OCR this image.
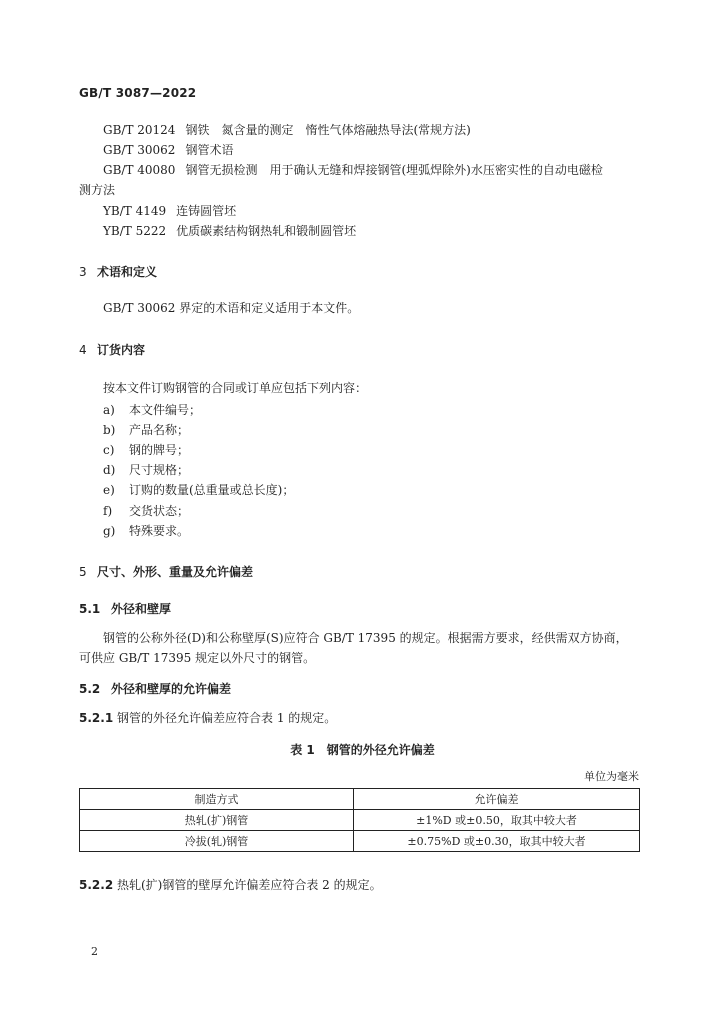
GB/T 3087—2022
GB/T 20124 钢铁　氮含量的测定　惰性气体熔融热导法(常规方法)
GB/T 30062 钢管术语
GB/T 40080 钢管无损检测　用于确认无缝和焊接钢管(埋弧焊除外)水压密实性的自动电磁检
测方法
YB/T 4149 连铸圆管坯
YB/T 5222 优质碳素结构钢热轧和锻制圆管坯
3 术语和定义
GB/T 30062 界定的术语和定义适用于本文件。
4 订货内容
按本文件订购钢管的合同或订单应包括下列内容：
a) 本文件编号；
b) 产品名称；
c) 钢的牌号；
d) 尺寸规格；
e) 订购的数量(总重量或总长度)；
f) 交货状态；
g) 特殊要求。
5 尺寸、外形、重量及允许偏差
5.1 外径和壁厚
钢管的公称外径(D)和公称壁厚(S)应符合 GB/T 17395 的规定。根据需方要求，经供需双方协商，可供应 GB/T 17395 规定以外尺寸的钢管。
5.2 外径和壁厚的允许偏差
5.2.1 钢管的外径允许偏差应符合表 1 的规定。
表 1　钢管的外径允许偏差
单位为毫米
制造方式	允许偏差
热轧(扩)钢管	±1%D 或±0.50，取其中较大者
冷拔(轧)钢管	±0.75%D 或±0.30，取其中较大者
5.2.2 热轧(扩)钢管的壁厚允许偏差应符合表 2 的规定。
2
